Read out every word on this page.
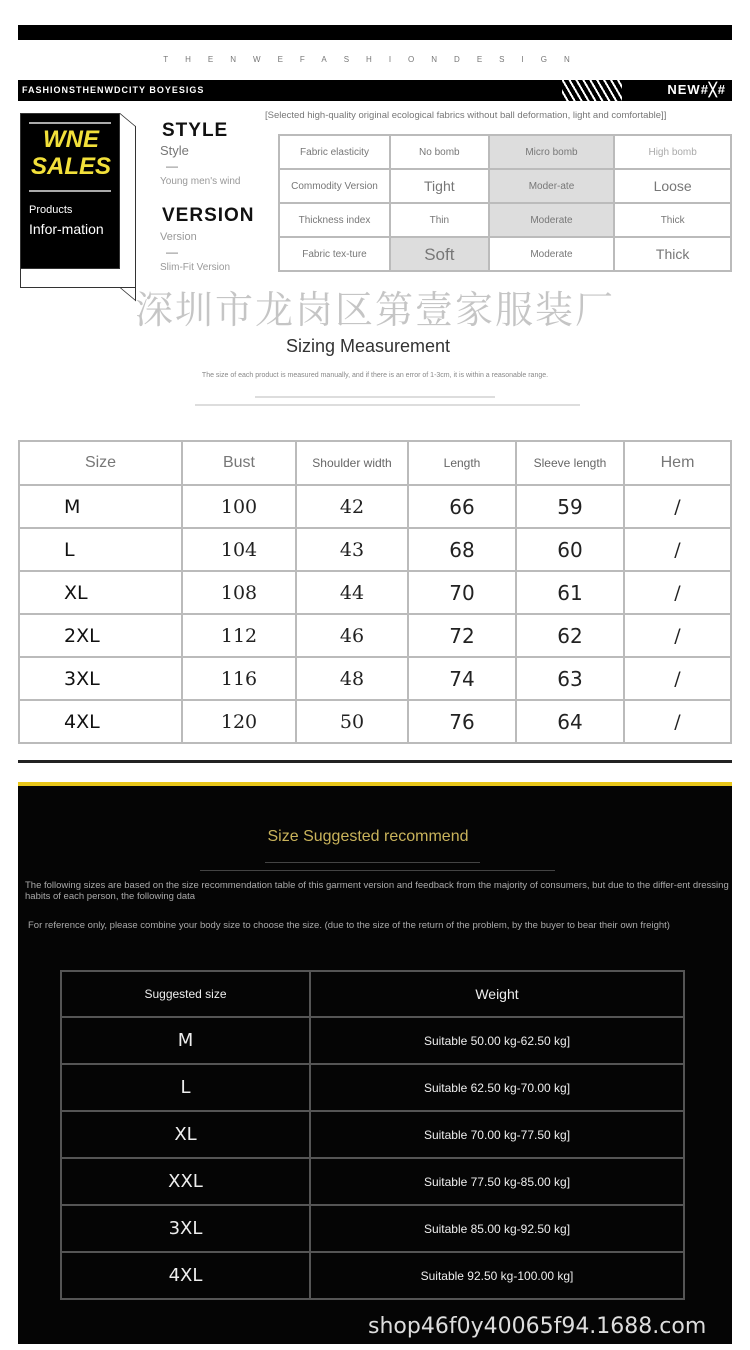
THENWEFASHIONDESIGN
FASHIONSTHENWDCITY BOYESIGS	NEW#╳#
WNE
SALES
Products
Infor-mation
STYLE
Style
—
Young men's wind
VERSION
Version
—
Slim-Fit Version
[Selected high-quality original ecological fabrics without ball deformation, light and comfortable]]
Fabric elasticity	No bomb	Micro bomb	High bomb
Commodity Version	Tight	Moder-ate	Loose
Thickness index	Thin	Moderate	Thick
Fabric tex-ture	Soft	Moderate	Thick
深圳市龙岗区第壹家服装厂
Sizing Measurement
The size of each product is measured manually, and if there is an error of 1-3cm, it is within a reasonable range.
Size	Bust	Shoulder width	Length	Sleeve length	Hem
M	100	42	66	59	/
L	104	43	68	60	/
XL	108	44	70	61	/
2XL	112	46	72	62	/
3XL	116	48	74	63	/
4XL	120	50	76	64	/
Size Suggested recommend
The following sizes are based on the size recommendation table of this garment version and feedback from the majority of consumers, but due to the differ-ent dressing habits of each person, the following data
For reference only, please combine your body size to choose the size. (due to the size of the return of the problem, by the buyer to bear their own freight)
Suggested size	Weight
M	Suitable 50.00 kg-62.50 kg]
L	Suitable 62.50 kg-70.00 kg]
XL	Suitable 70.00 kg-77.50 kg]
XXL	Suitable 77.50 kg-85.00 kg]
3XL	Suitable 85.00 kg-92.50 kg]
4XL	Suitable 92.50 kg-100.00 kg]
shop46f0y40065f94.1688.com
